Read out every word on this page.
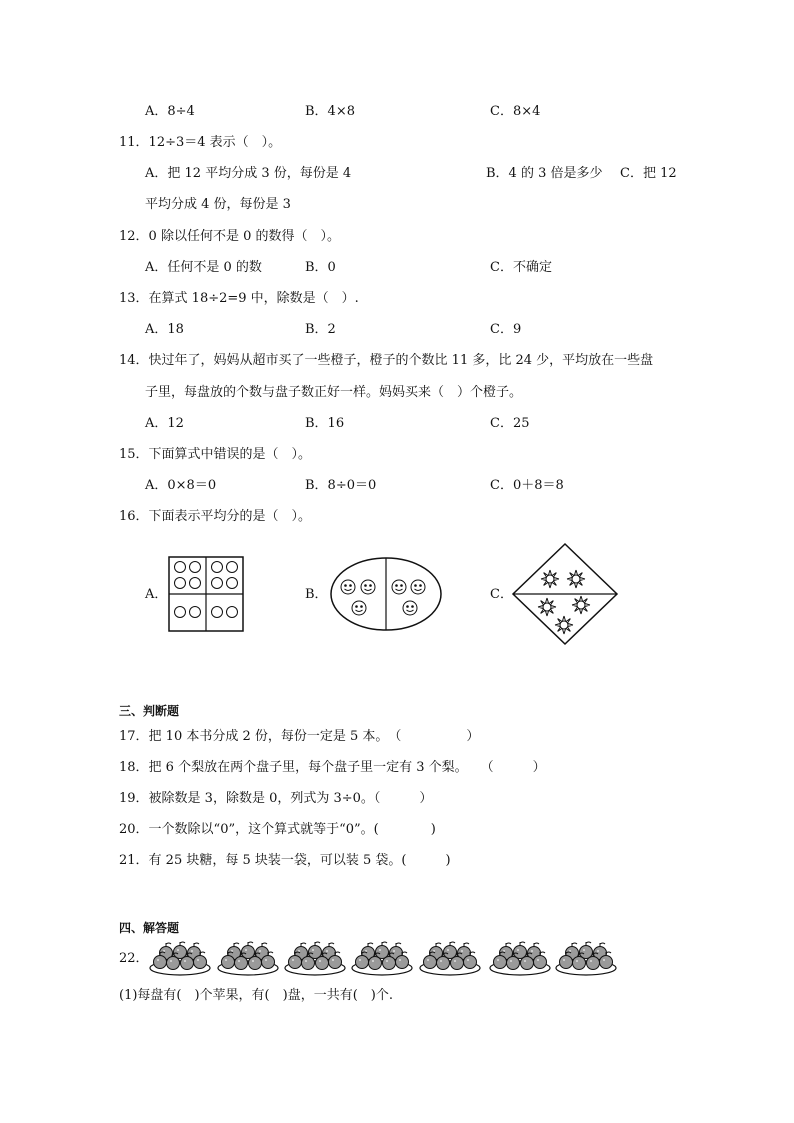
A．8÷4	B．4×8	C．8×4
11．12÷3＝4 表示（　）。
A．把 12 平均分成 3 份，每份是 4	B．4 的 3 倍是多少 C．把 12
平均分成 4 份，每份是 3
12．0 除以任何不是 0 的数得（　）。
A．任何不是 0 的数	B．0	C．不确定
13．在算式 18÷2=9 中，除数是（　）.
A．18	B．2	C．9
14．快过年了，妈妈从超市买了一些橙子，橙子的个数比 11 多，比 24 少，平均放在一些盘
子里，每盘放的个数与盘子数正好一样。妈妈买来（　）个橙子。
A．12	B．16	C．25
15．下面算式中错误的是（　）。
A．0×8＝0	B．8÷0＝0	C．0＋8＝8
16．下面表示平均分的是（　）。
A．	B．	C．
三、判断题
17．把 10 本书分成 2 份，每份一定是 5 本。　（　　　　　）
18．把 6 个梨放在两个盘子里，每个盘子里一定有 3 个梨。　　（　　　）
19．被除数是 3，除数是 0，列式为 3÷0。（　　　）
20．一个数除以“0”，这个算式就等于“0”。(　　　　)
21．有 25 块糖，每 5 块装一袋，可以装 5 袋。(　　　)
四、解答题
22．
(1)每盘有(　)个苹果，有(　)盘，一共有(　)个.
